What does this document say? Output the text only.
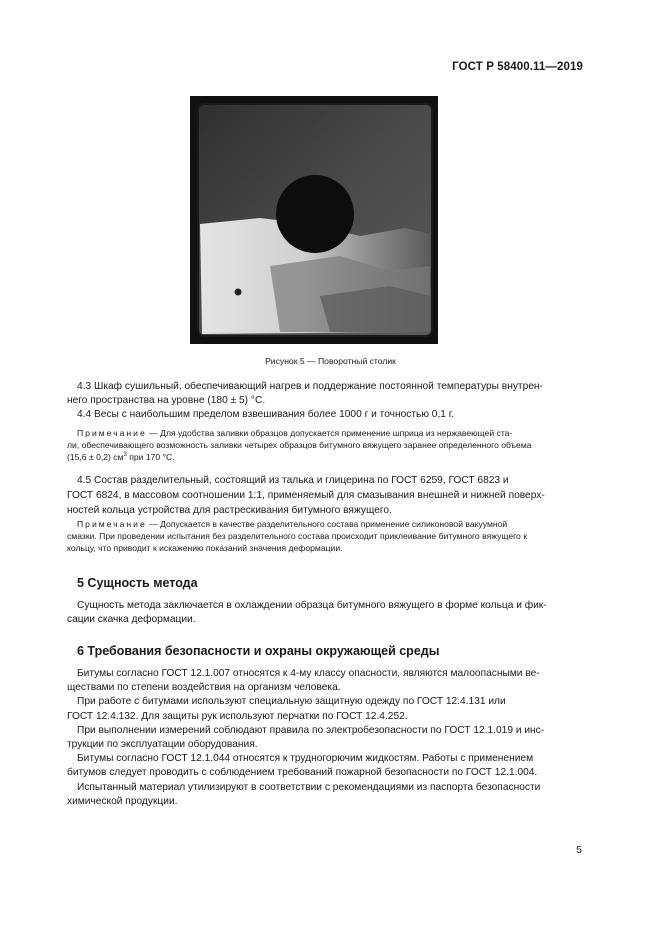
ГОСТ Р 58400.11—2019
Рисунок 5 — Поворотный столик

4.3 Шкаф сушильный, обеспечивающий нагрев и поддержание постоянной температуры внутрен-
него пространства на уровне (180 ± 5) °С.

4.4 Весы с наибольшим пределом взвешивания более 1000 г и точностью 0,1 г.

Примечание — Для удобства заливки образцов допускается применение шприца из нержавеющей ста-

ли, обеспечивающего возможность заливки четырех образцов битумного вяжущего заранее определенного объема

(15,6 ± 0,2) $см^3$ при 170 °С.

4.5 Состав разделительный, состоящий из талька и глицерина по ГОСТ 6259, ГОСТ 6823 и
ГОСТ 6824, в массовом соотношении 1:1, применяемый для смазывания внешней и нижней поверх-
ностей кольца устройства для растрескивания битумного вяжущего.

Примечание — Допускается в качестве разделительного состава применение силиконовой вакуумной

смазки. При проведении испытания без разделительного состава происходит приклеивание битумного вяжущего к

кольцу, что приводит к искажению показаний значения деформации.

5 Сущность метода
Сущность метода заключается в охлаждении образца битумного вяжущего в форме кольца и фик-
сации скачка деформации.
6 Требования безопасности и охраны окружающей среды
Битумы согласно ГОСТ 12.1.007 относятся к 4-му классу опасности, являются малоопасными ве-
ществами по степени воздействия на организм человека.
При работе с битумами используют специальную защитную одежду по ГОСТ 12.4.131 или
ГОСТ 12.4.132. Для защиты рук используют перчатки по ГОСТ 12.4.252.
При выполнении измерений соблюдают правила по электробезопасности по ГОСТ 12.1.019 и инс-
трукции по эксплуатации оборудования.
Битумы согласно ГОСТ 12.1.044 относятся к трудногорючим жидкостям. Работы с применением
битумов следует проводить с соблюдением требований пожарной безопасности по ГОСТ 12.1.004.
Испытанный материал утилизируют в соответствии с рекомендациями из паспорта безопасности
химической продукции.
5
